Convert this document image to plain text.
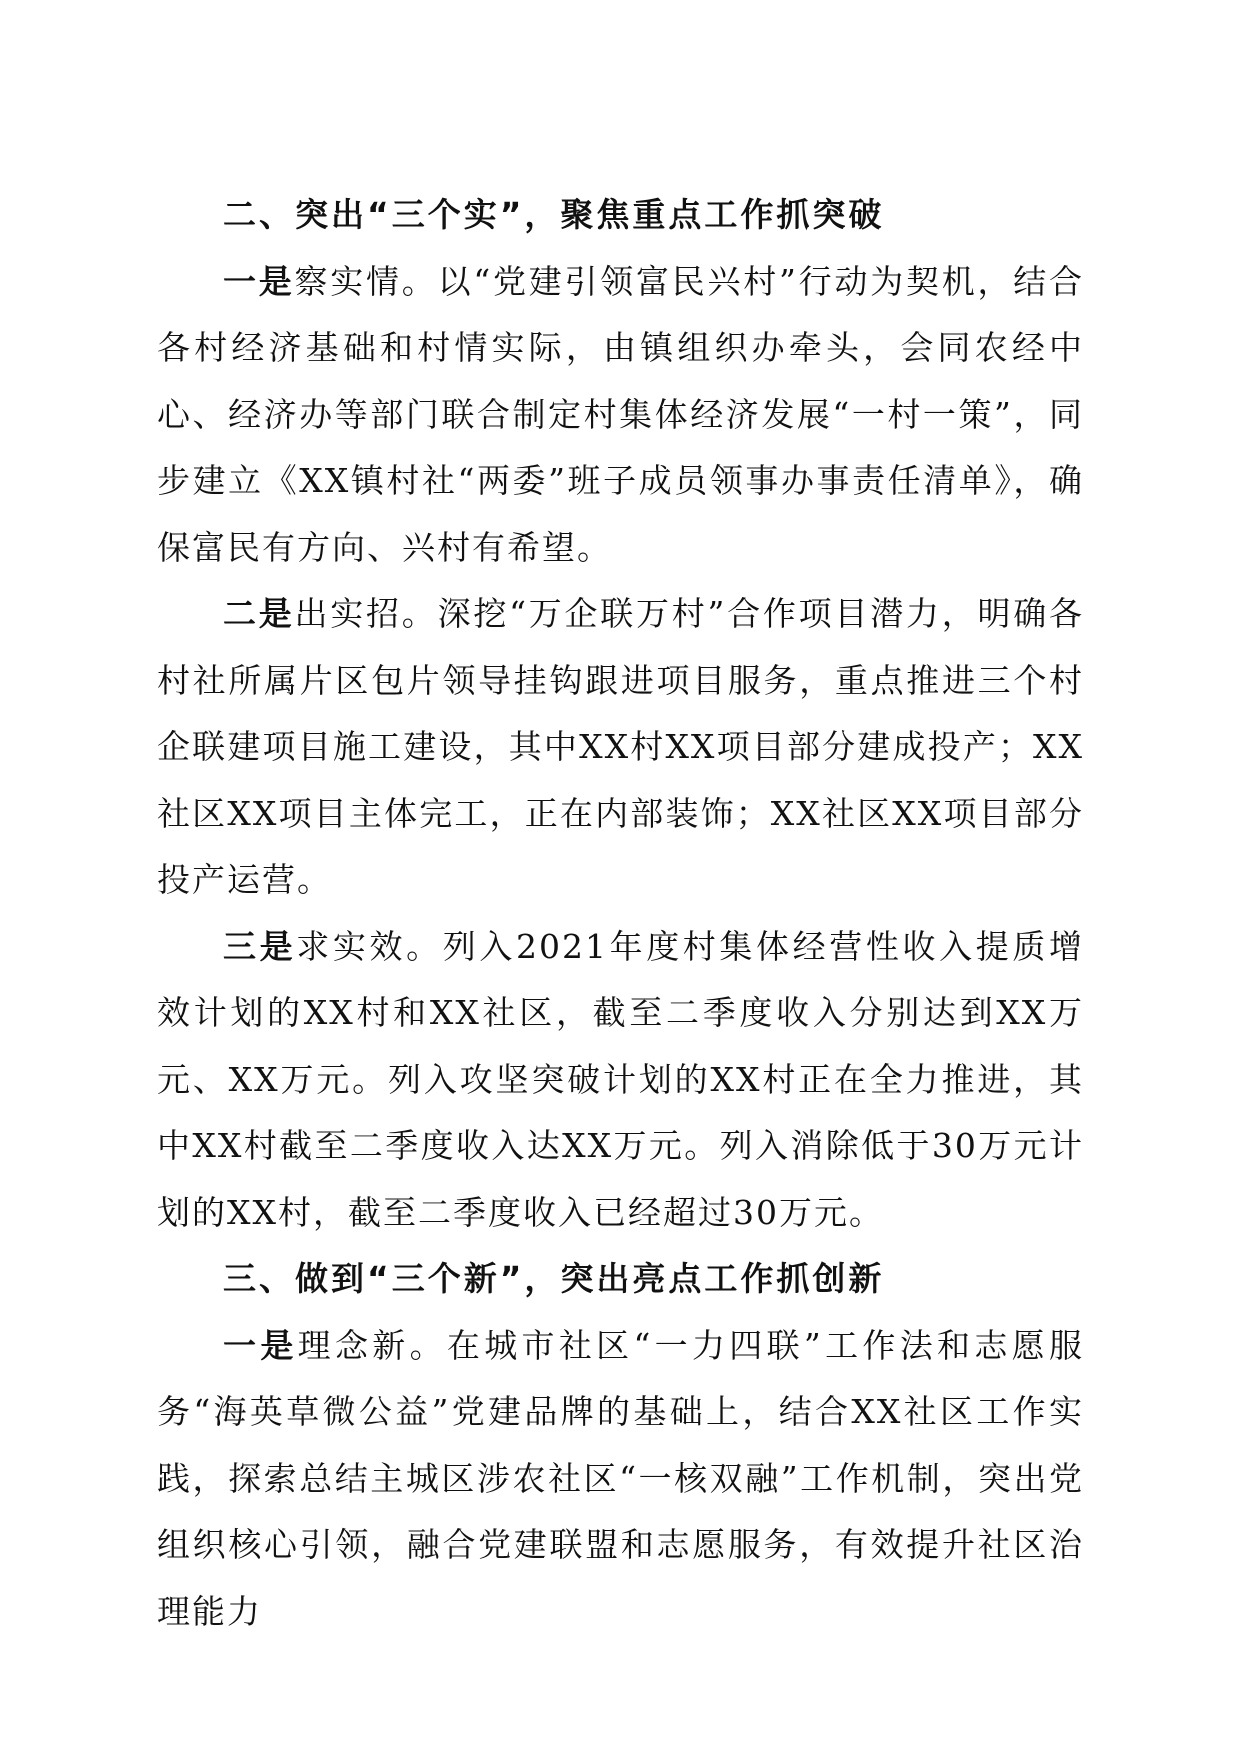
二、突出“三个实”，聚焦重点工作抓突破

一是察实情。以“党建引领富民兴村”行动为契机，结合各村经济基础和村情实际，由镇组织办牵头，会同农经中心、经济办等部门联合制定村集体经济发展“一村一策”，同步建立《XX镇村社“两委”班子成员领事办事责任清单》，确保富民有方向、兴村有希望。

二是出实招。深挖“万企联万村”合作项目潜力，明确各村社所属片区包片领导挂钩跟进项目服务，重点推进三个村企联建项目施工建设，其中XX村XX项目部分建成投产；XX社区XX项目主体完工，正在内部装饰；XX社区XX项目部分投产运营。

三是求实效。列入2021年度村集体经营性收入提质增效计划的XX村和XX社区，截至二季度收入分别达到XX万元、XX万元。列入攻坚突破计划的XX村正在全力推进，其中XX村截至二季度收入达XX万元。列入消除低于30万元计划的XX村，截至二季度收入已经超过30万元。

三、做到“三个新”，突出亮点工作抓创新

一是理念新。在城市社区“一力四联”工作法和志愿服务“海英草微公益”党建品牌的基础上，结合XX社区工作实践，探索总结主城区涉农社区“一核双融”工作机制，突出党组织核心引领，融合党建联盟和志愿服务，有效提升社区治理能力
